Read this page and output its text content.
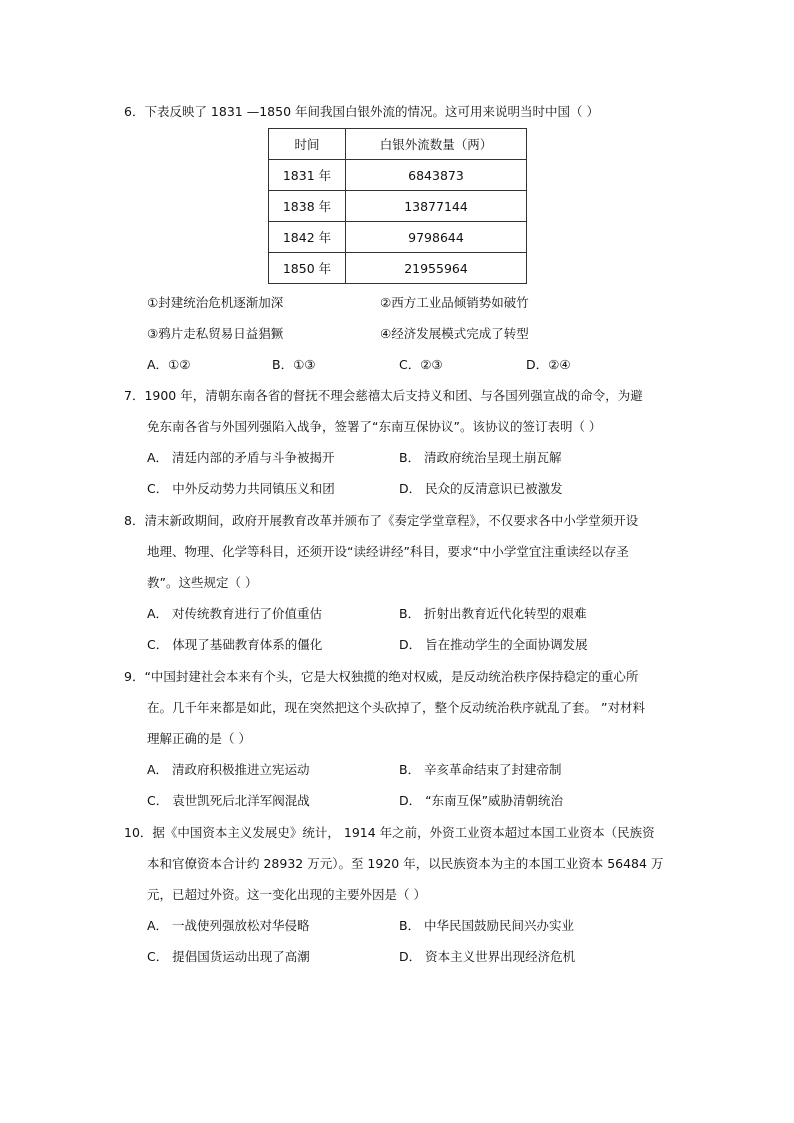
6．下表反映了 1831 —1850 年间我国白银外流的情况。这可用来说明当时中国（ ）
时间	白银外流数量（两）
1831 年	6843873
1838 年	13877144
1842 年	9798644
1850 年	21955964
①封建统治危机逐渐加深	②西方工业品倾销势如破竹
③鸦片走私贸易日益猖獗	④经济发展模式完成了转型
A．①②	B．①③	C．②③	D．②④
7．1900 年，清朝东南各省的督抚不理会慈禧太后支持义和团、与各国列强宣战的命令，为避
免东南各省与外国列强陷入战争，签署了“东南互保协议”。该协议的签订表明（ ）
A． 清廷内部的矛盾与斗争被揭开	B． 清政府统治呈现土崩瓦解
C． 中外反动势力共同镇压义和团	D． 民众的反清意识已被激发
8．清末新政期间，政府开展教育改革并颁布了《奏定学堂章程》，不仅要求各中小学堂须开设
地理、物理、化学等科目，还须开设“读经讲经”科目，要求“中小学堂宜注重读经以存圣
教”。这些规定（ ）
A． 对传统教育进行了价值重估	B． 折射出教育近代化转型的艰难
C． 体现了基础教育体系的僵化	D． 旨在推动学生的全面协调发展
9．“中国封建社会本来有个头，它是大权独揽的绝对权威，是反动统治秩序保持稳定的重心所
在。几千年来都是如此，现在突然把这个头砍掉了，整个反动统治秩序就乱了套。 ”对材料
理解正确的是（ ）
A． 清政府积极推进立宪运动	B． 辛亥革命结束了封建帝制
C． 袁世凯死后北洋军阀混战	D． “东南互保”威胁清朝统治
10．据《中国资本主义发展史》统计， 1914 年之前，外资工业资本超过本国工业资本（民族资
本和官僚资本合计约 28932 万元）。至 1920 年，以民族资本为主的本国工业资本 56484 万
元，已超过外资。这一变化出现的主要外因是（ ）
A． 一战使列强放松对华侵略	B． 中华民国鼓励民间兴办实业
C． 提倡国货运动出现了高潮	D． 资本主义世界出现经济危机
